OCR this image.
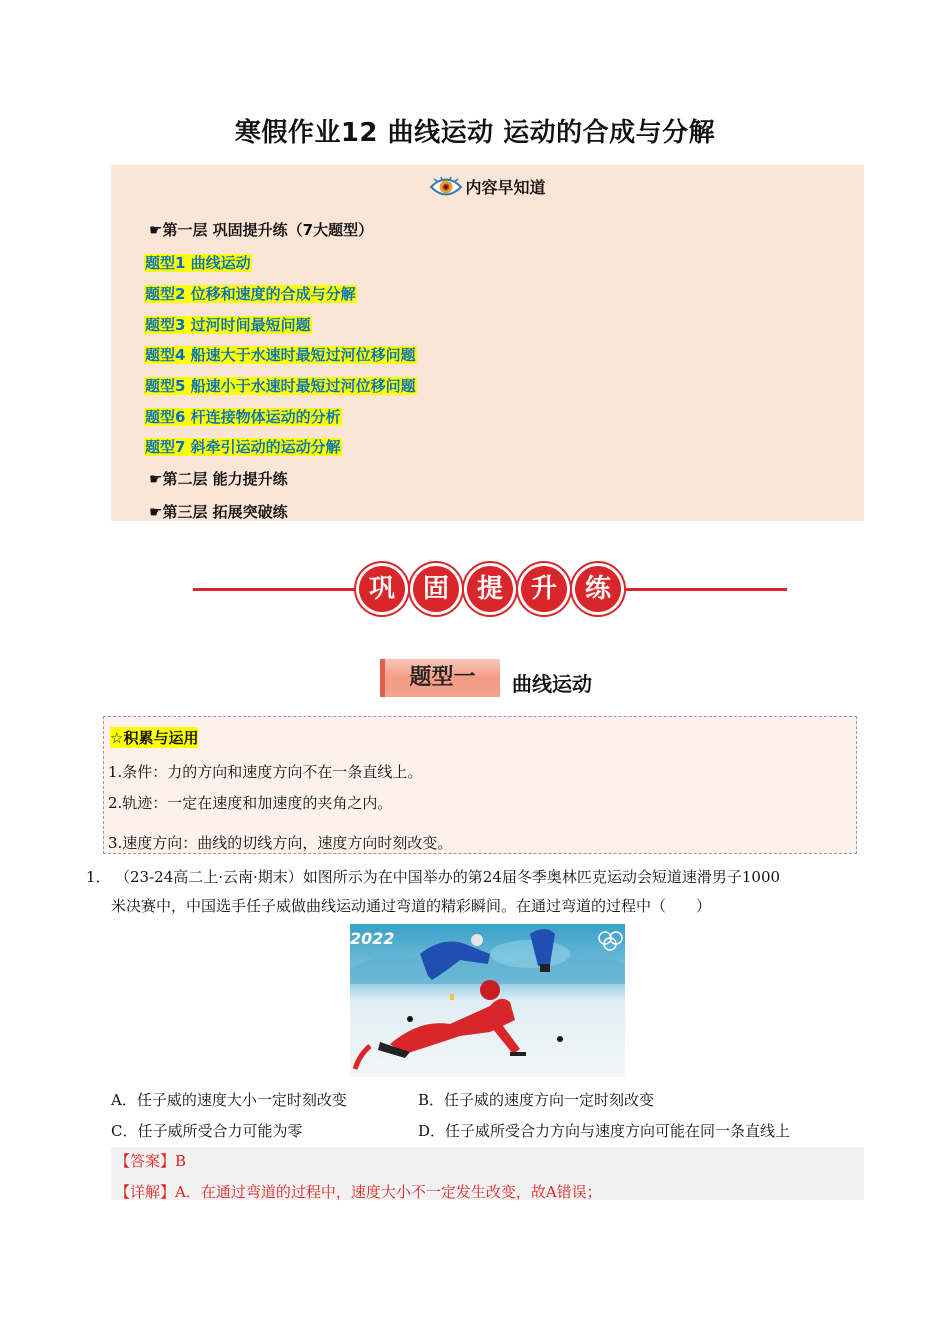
寒假作业12 曲线运动 运动的合成与分解
内容早知道
☛第一层 巩固提升练（7大题型）
题型1 曲线运动
题型2 位移和速度的合成与分解
题型3 过河时间最短问题
题型4 船速大于水速时最短过河位移问题
题型5 船速小于水速时最短过河位移问题
题型6 杆连接物体运动的分析
题型7 斜牵引运动的运动分解
☛第二层 能力提升练
☛第三层 拓展突破练
巩	固	提	升	练
题型一	曲线运动
☆积累与运用
1.条件：力的方向和速度方向不在一条直线上。
2.轨迹：一定在速度和加速度的夹角之内。
3.速度方向：曲线的切线方向，速度方向时刻改变。
1． （23-24高二上·云南·期末）如图所示为在中国举办的第24届冬季奥林匹克运动会短道速滑男子1000
米决赛中，中国选手任子威做曲线运动通过弯道的精彩瞬间。在通过弯道的过程中（　　）
2022
A．任子威的速度大小一定时刻改变	B．任子威的速度方向一定时刻改变
C．任子威所受合力可能为零	D．任子威所受合力方向与速度方向可能在同一条直线上
【答案】B
【详解】A．在通过弯道的过程中，速度大小不一定发生改变，故A错误；
